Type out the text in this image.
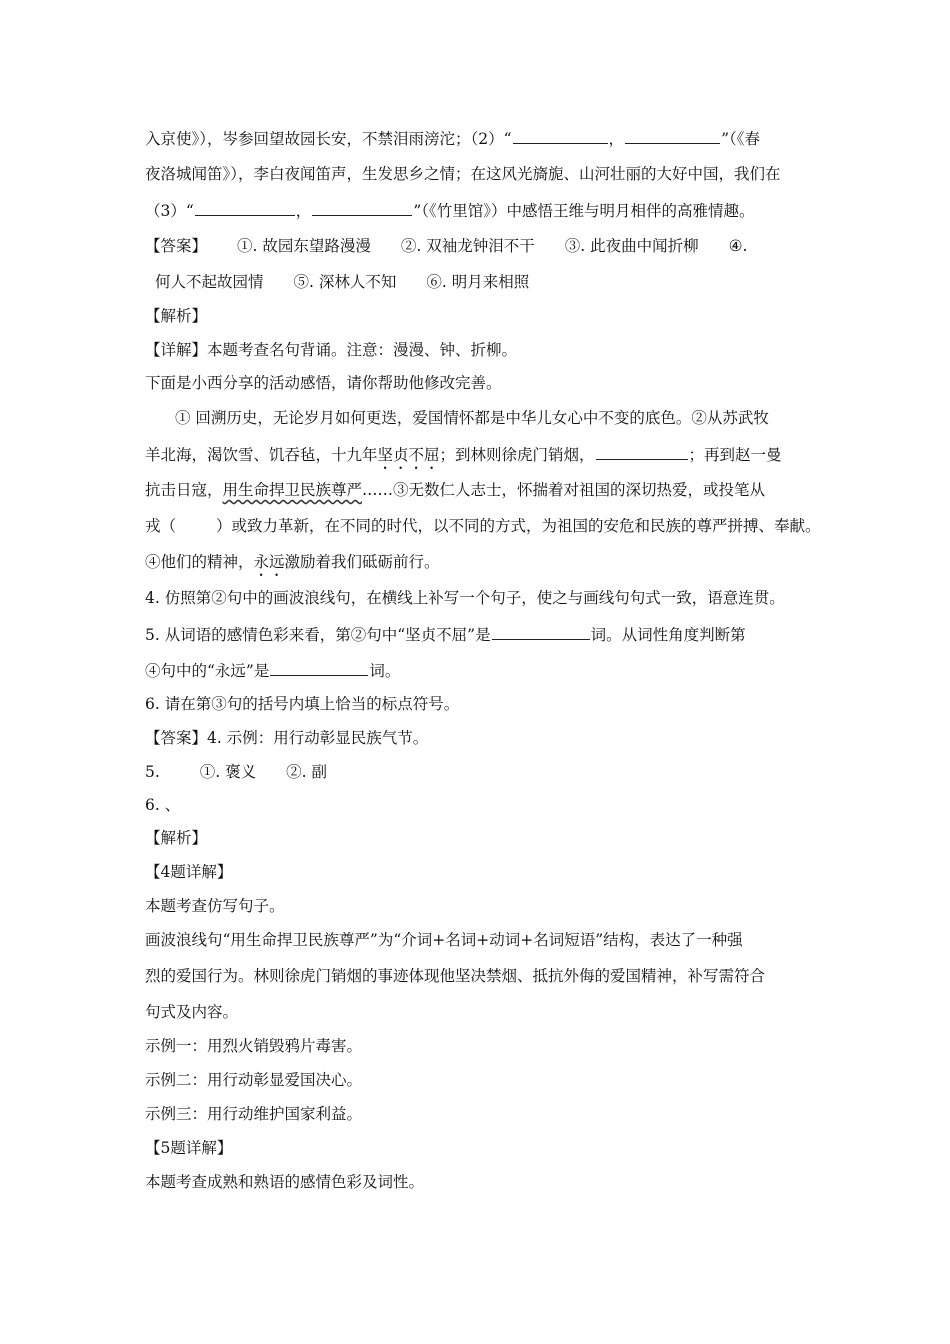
入京使》），岑参回望故园长安，不禁泪雨滂沱；（2）“	，	”（《春
夜洛城闻笛》），李白夜闻笛声，生发思乡之情；在这风光旖旎、山河壮丽的大好中国，我们在
（3）“	，	”（《竹里馆》）中感悟王维与明月相伴的高雅情趣。
【答案】 ①. 故园东望路漫漫 ②. 双袖龙钟泪不干 ③. 此夜曲中闻折柳 ④.
何人不起故园情 ⑤. 深林人不知 ⑥. 明月来相照
【解析】
【详解】本题考查名句背诵。注意：漫漫、钟、折柳。
下面是小西分享的活动感悟，请你帮助他修改完善。
① 回溯历史，无论岁月如何更迭，爱国情怀都是中华儿女心中不变的底色。②从苏武牧
羊北海，渴饮雪、饥吞毡，十九年坚贞不屈；到林则徐虎门销烟，	；再到赵一曼
抗击日寇，用生命捍卫民族尊严……③无数仁人志士，怀揣着对祖国的深切热爱，或投笔从
戎（	）或致力革新，在不同的时代，以不同的方式，为祖国的安危和民族的尊严拼搏、奉献。
④他们的精神，永远激励着我们砥砺前行。
4. 仿照第②句中的画波浪线句，在横线上补写一个句子，使之与画线句句式一致，语意连贯。
5. 从词语的感情色彩来看，第②句中“坚贞不屈”是	词。从词性角度判断第
④句中的“永远”是	词。
6. 请在第③句的括号内填上恰当的标点符号。
【答案】4. 示例：用行动彰显民族气节。
5.	①. 褒义 ②. 副
6. 、
【解析】
【4题详解】
本题考查仿写句子。
画波浪线句“用生命捍卫民族尊严”为“介词+名词+动词+名词短语”结构，表达了一种强
烈的爱国行为。林则徐虎门销烟的事迹体现他坚决禁烟、抵抗外侮的爱国精神，补写需符合
句式及内容。
示例一：用烈火销毁鸦片毒害。
示例二：用行动彰显爱国决心。
示例三：用行动维护国家利益。
【5题详解】
本题考查成熟和熟语的感情色彩及词性。
